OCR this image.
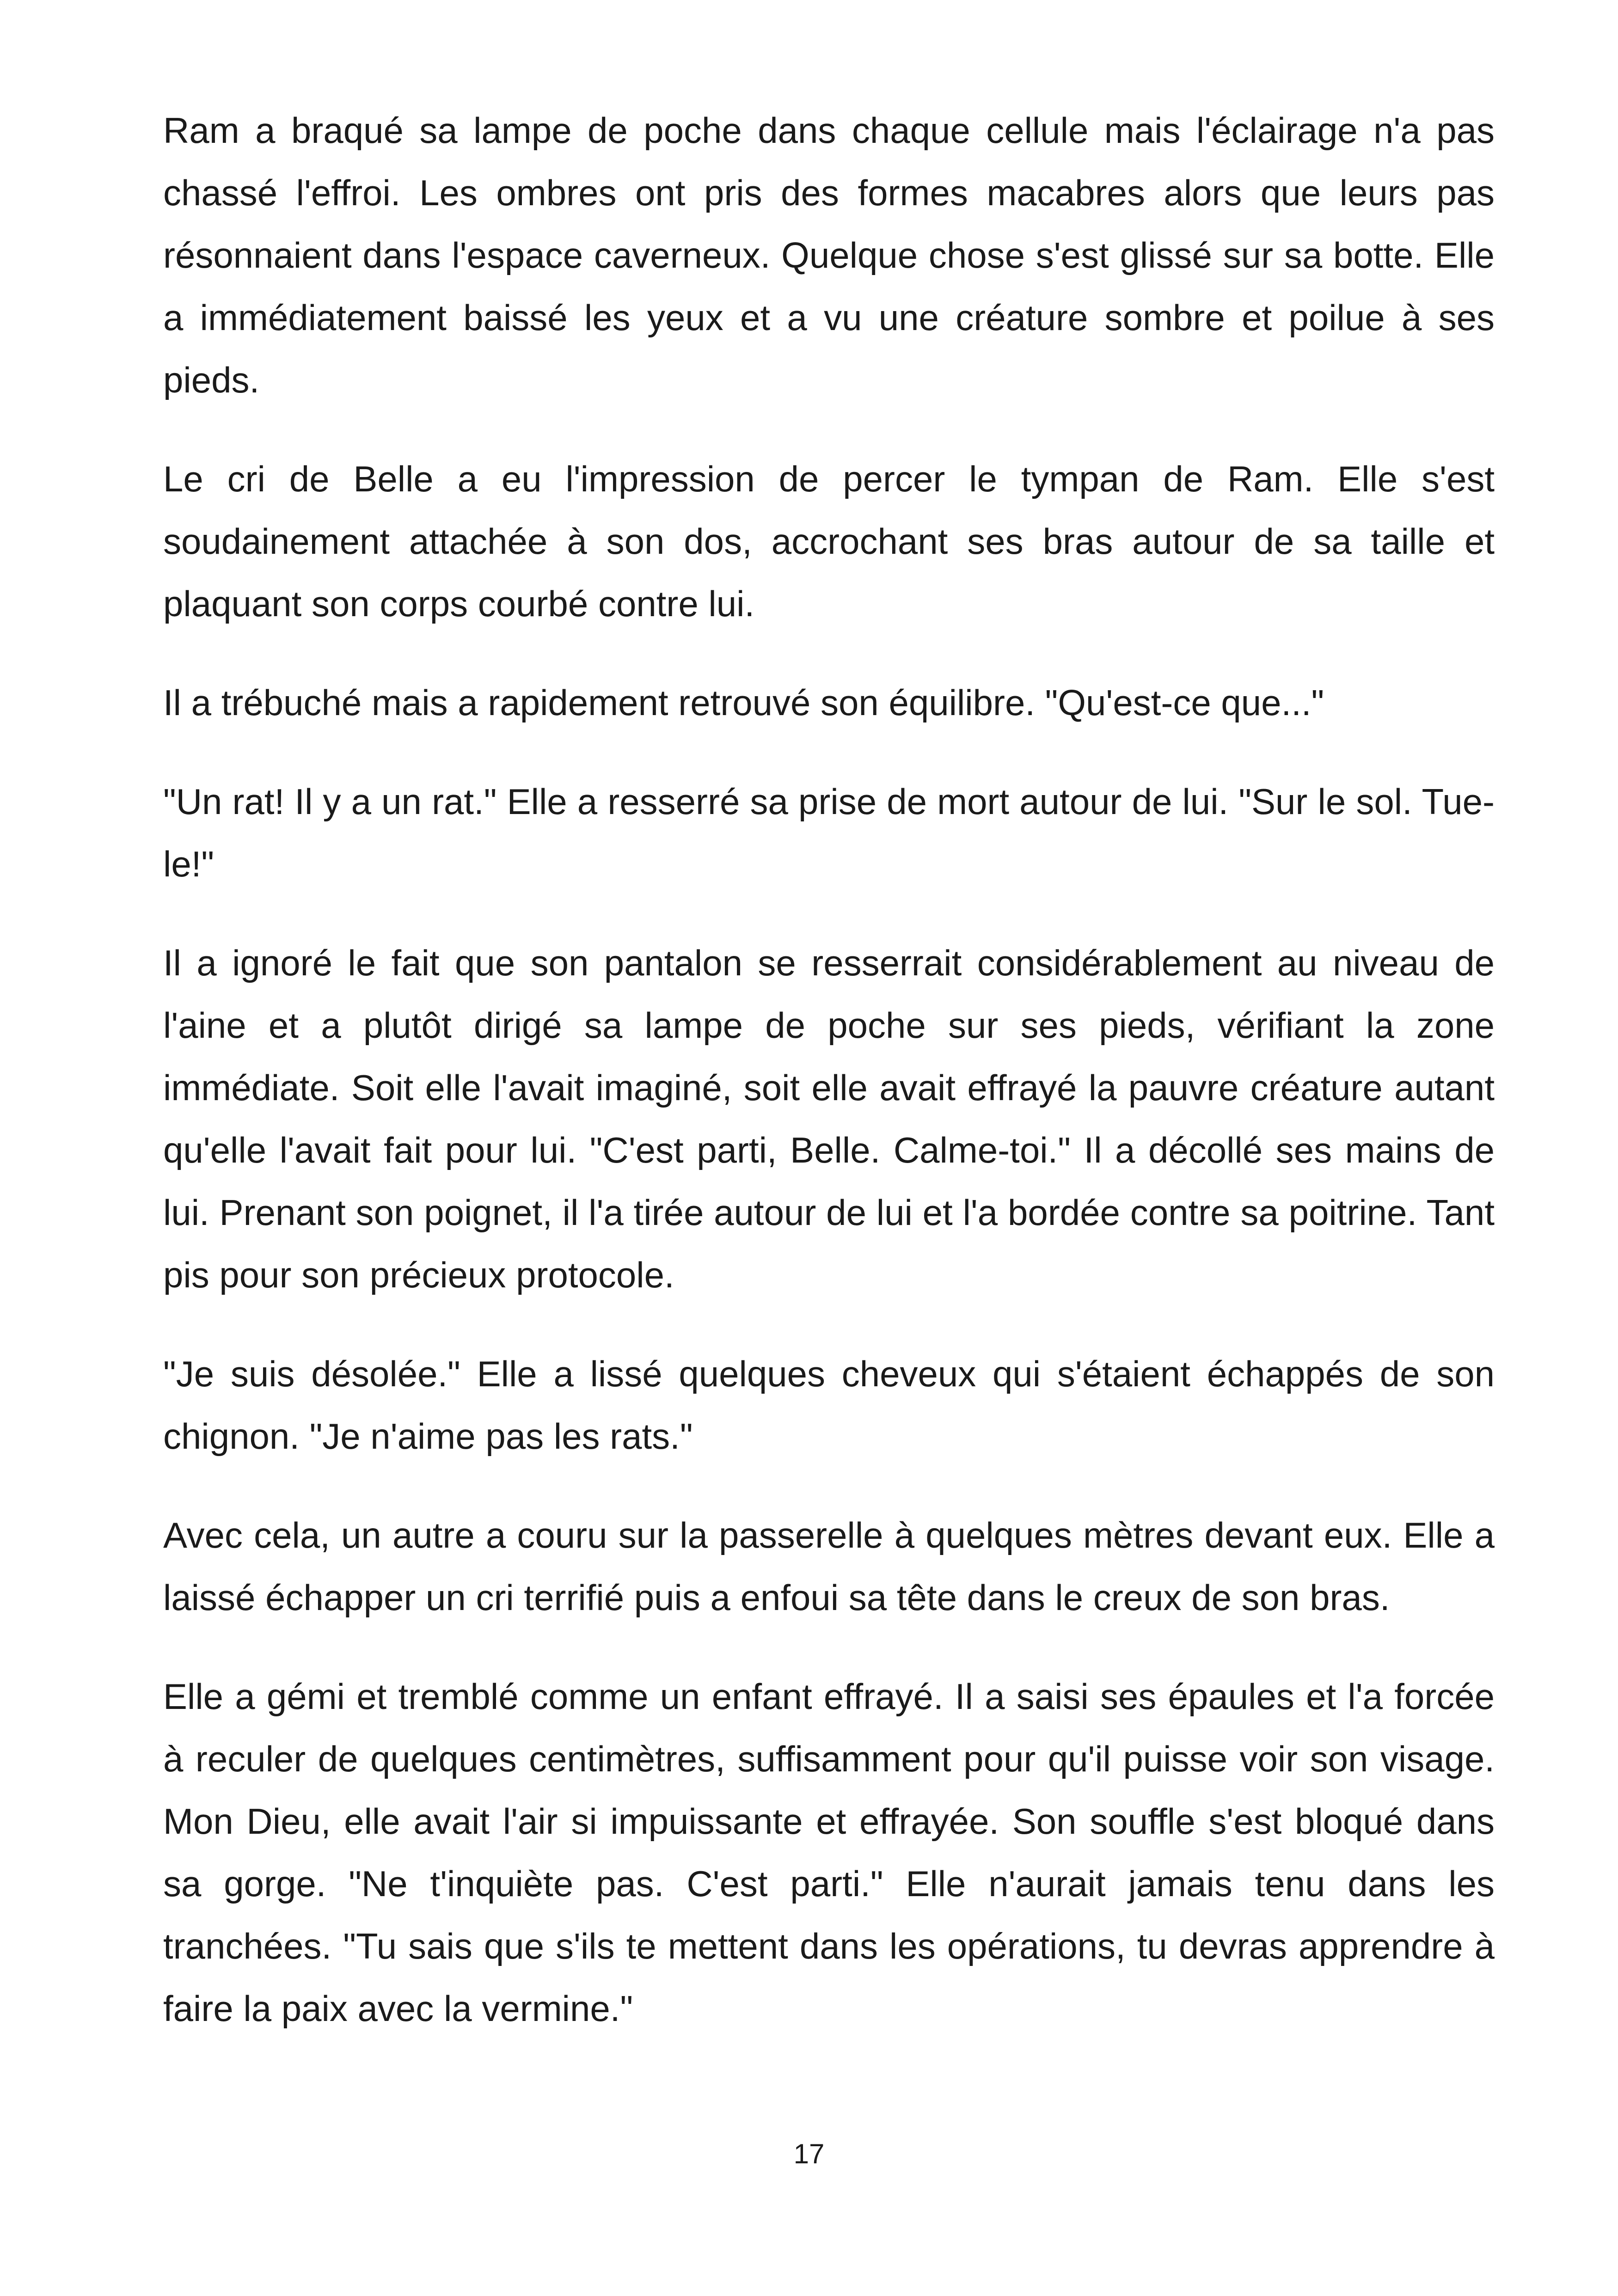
Ram a braqué sa lampe de poche dans chaque cellule mais l'éclairage n'a pas chassé l'effroi. Les ombres ont pris des formes macabres alors que leurs pas résonnaient dans l'espace caverneux. Quelque chose s'est glissé sur sa botte. Elle a immédiatement baissé les yeux et a vu une créature sombre et poilue à ses pieds.

Le cri de Belle a eu l'impression de percer le tympan de Ram. Elle s'est soudainement attachée à son dos, accrochant ses bras autour de sa taille et plaquant son corps courbé contre lui.

Il a trébuché mais a rapidement retrouvé son équilibre. "Qu'est-ce que..."

"Un rat! Il y a un rat." Elle a resserré sa prise de mort autour de lui. "Sur le sol. Tue-le!"

Il a ignoré le fait que son pantalon se resserrait considérablement au niveau de l'aine et a plutôt dirigé sa lampe de poche sur ses pieds, vérifiant la zone immédiate. Soit elle l'avait imaginé, soit elle avait effrayé la pauvre créature autant qu'elle l'avait fait pour lui. "C'est parti, Belle. Calme-toi." Il a décollé ses mains de lui. Prenant son poignet, il l'a tirée autour de lui et l'a bordée contre sa poitrine. Tant pis pour son précieux protocole.

"Je suis désolée." Elle a lissé quelques cheveux qui s'étaient échappés de son chignon. "Je n'aime pas les rats."

Avec cela, un autre a couru sur la passerelle à quelques mètres devant eux. Elle a laissé échapper un cri terrifié puis a enfoui sa tête dans le creux de son bras.

Elle a gémi et tremblé comme un enfant effrayé. Il a saisi ses épaules et l'a forcée à reculer de quelques centimètres, suffisamment pour qu'il puisse voir son visage. Mon Dieu, elle avait l'air si impuissante et effrayée. Son souffle s'est bloqué dans sa gorge. "Ne t'inquiète pas. C'est parti." Elle n'aurait jamais tenu dans les tranchées. "Tu sais que s'ils te mettent dans les opérations, tu devras apprendre à faire la paix avec la vermine."

17
